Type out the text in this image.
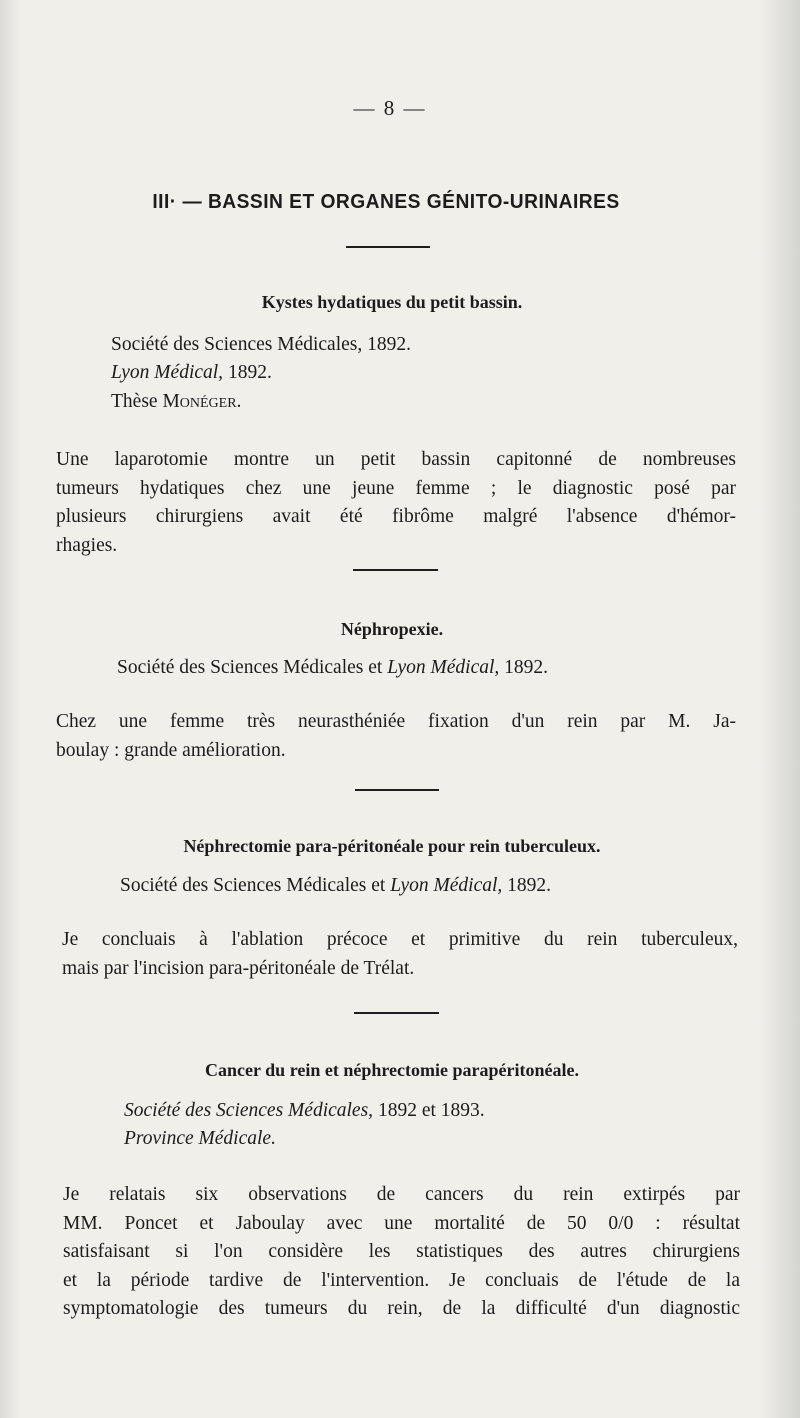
— 8 —
III· — BASSIN ET ORGANES GÉNITO-URINAIRES
Kystes hydatiques du petit bassin.
Société des Sciences Médicales, 1892.
Lyon Médical, 1892.
Thèse Monéger.
Une laparotomie montre un petit bassin capitonné de nombreuses
tumeurs hydatiques chez une jeune femme ; le diagnostic posé par
plusieurs chirurgiens avait été fibrôme malgré l'absence d'hémor-
rhagies.
Néphropexie.
Société des Sciences Médicales et Lyon Médical, 1892.
Chez une femme très neurasthéniée fixation d'un rein par M. Ja-
boulay : grande amélioration.
Néphrectomie para-péritonéale pour rein tuberculeux.
Société des Sciences Médicales et Lyon Médical, 1892.
Je concluais à l'ablation précoce et primitive du rein tuberculeux,
mais par l'incision para-péritonéale de Trélat.
Cancer du rein et néphrectomie parapéritonéale.
Société des Sciences Médicales, 1892 et 1893.
Province Médicale.
Je relatais six observations de cancers du rein extirpés par
MM. Poncet et Jaboulay avec une mortalité de 50 0/0 : résultat
satisfaisant si l'on considère les statistiques des autres chirurgiens
et la période tardive de l'intervention. Je concluais de l'étude de la
symptomatologie des tumeurs du rein, de la difficulté d'un diagnostic
